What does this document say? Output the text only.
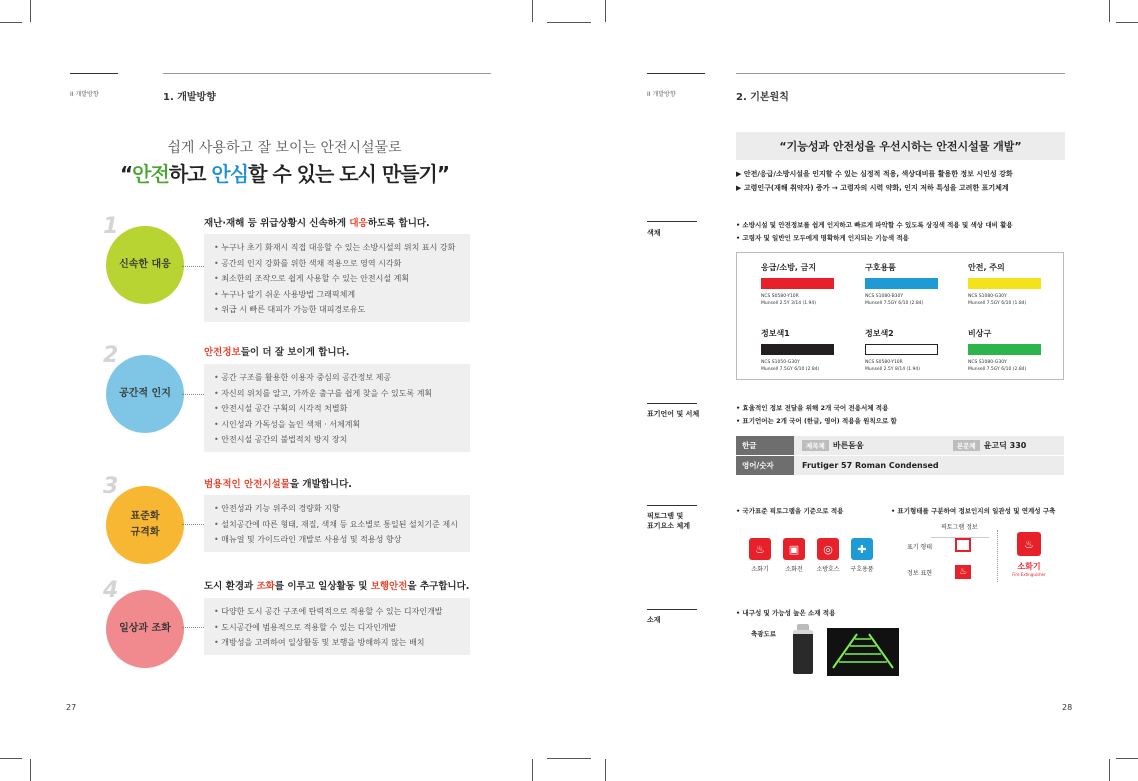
II 개발방향	1. 개발방향
쉽게 사용하고 잘 보이는 안전시설물로
“안전하고 안심할 수 있는 도시 만들기”
1
신속한 대응
재난·재해 등 위급상황시 신속하게 대응하도록 합니다.
• 누구나 초기 화재시 직접 대응할 수 있는 소방시설의 위치 표시 강화
• 공간의 인지 강화를 위한 색채 적용으로 영역 시각화
• 최소한의 조작으로 쉽게 사용할 수 있는 안전시설 계획
• 누구나 알기 쉬운 사용방법 그래픽체계
• 위급 시 빠른 대피가 가능한 대피경로유도
2
공간적 인지
안전정보들이 더 잘 보이게 합니다.
• 공간 구조를 활용한 이용자 중심의 공간정보 제공
• 자신의 위치를 알고, 가까운 출구를 쉽게 찾을 수 있도록 계획
• 안전시설 공간 구획의 시각적 처별화
• 시인성과 가독성을 높인 색채 · 서체계획
• 안전시설 공간의 불법적치 방지 장치
3
표준화
규격화
범용적인 안전시설물을 개발합니다.
• 안전성과 기능 위주의 경량화 지향
• 설치공간에 따른 형태, 재질, 색채 등 요소별로 통일된 설치기준 제시
• 매뉴얼 및 가이드라인 개발로 사용성 및 적용성 향상
4
일상과 조화
도시 환경과 조화를 이루고 일상활동 및 보행안전을 추구합니다.
• 다양한 도시 공간 구조에 탄력적으로 적용할 수 있는 디자인개발
• 도시공간에 범용적으로 적용할 수 있는 디자인개발
• 개방성을 고려하여 일상활동 및 보행을 방해하지 않는 배치
27
II 개발방향	2. 기본원칙
“기능성과 안전성을 우선시하는 안전시설물 개발”
▶ 안전/응급/소방시설을 인지할 수 있는 심정적 적용, 색상대비를 활용한 정보 시인성 강화
▶ 고령인구(재해 취약자) 증가 → 고령자의 시력 약화, 인지 저하 특성을 고려한 표기체계
색채
• 소방시설 및 안전정보를 쉽게 인지하고 빠르게 파악할 수 있도록 상징색 적용 및 색상 대비 활용
• 고령자 및 일반인 모두에게 명확하게 인지되는 기능색 적용
응급/소방, 금지
NCS S0580-Y10R
Munsell 2.5Y 3/14 (1.94)
구호용품
NCS S1080-B30Y
Munsell 7.5GY 6/10 (2.84)
안전, 주의
NCS S1080-G30Y
Munsell 7.5GY 6/10 (1.84)
정보색1
NCS S1050-G30Y
Munsell 7.5GY 6/10 (2.84)
정보색2
NCS S0580-Y10R
Munsell 2.5Y 8/14 (1.94)
비상구
NCS S1080-G30Y
Munsell 7.5GY 6/10 (2.84)
표기언어 및 서체
• 효율적인 정보 전달을 위해 2개 국어 전용서체 적용
• 표기언어는 2개 국어 (한글, 영어) 적용을 원칙으로 함
한글	제목체	바른돋움	본문체	윤고딕 330
영어/숫자	Frutiger 57 Roman Condensed
픽토그램 및
표기요소 체계
• 국가표준 픽토그램을 기준으로 적용	• 표기형태를 구분하여 정보인지의 일관성 및 연계성 구축
♨	▣	◎	✚
소화기	소화전	소방호스	구호용품
픽토그램 정보
표기 형태
정보 표현	♨
♨
소화기
Fire Extinguisher
소재
• 내구성 및 가능성 높은 소재 적용
축광도료
28
